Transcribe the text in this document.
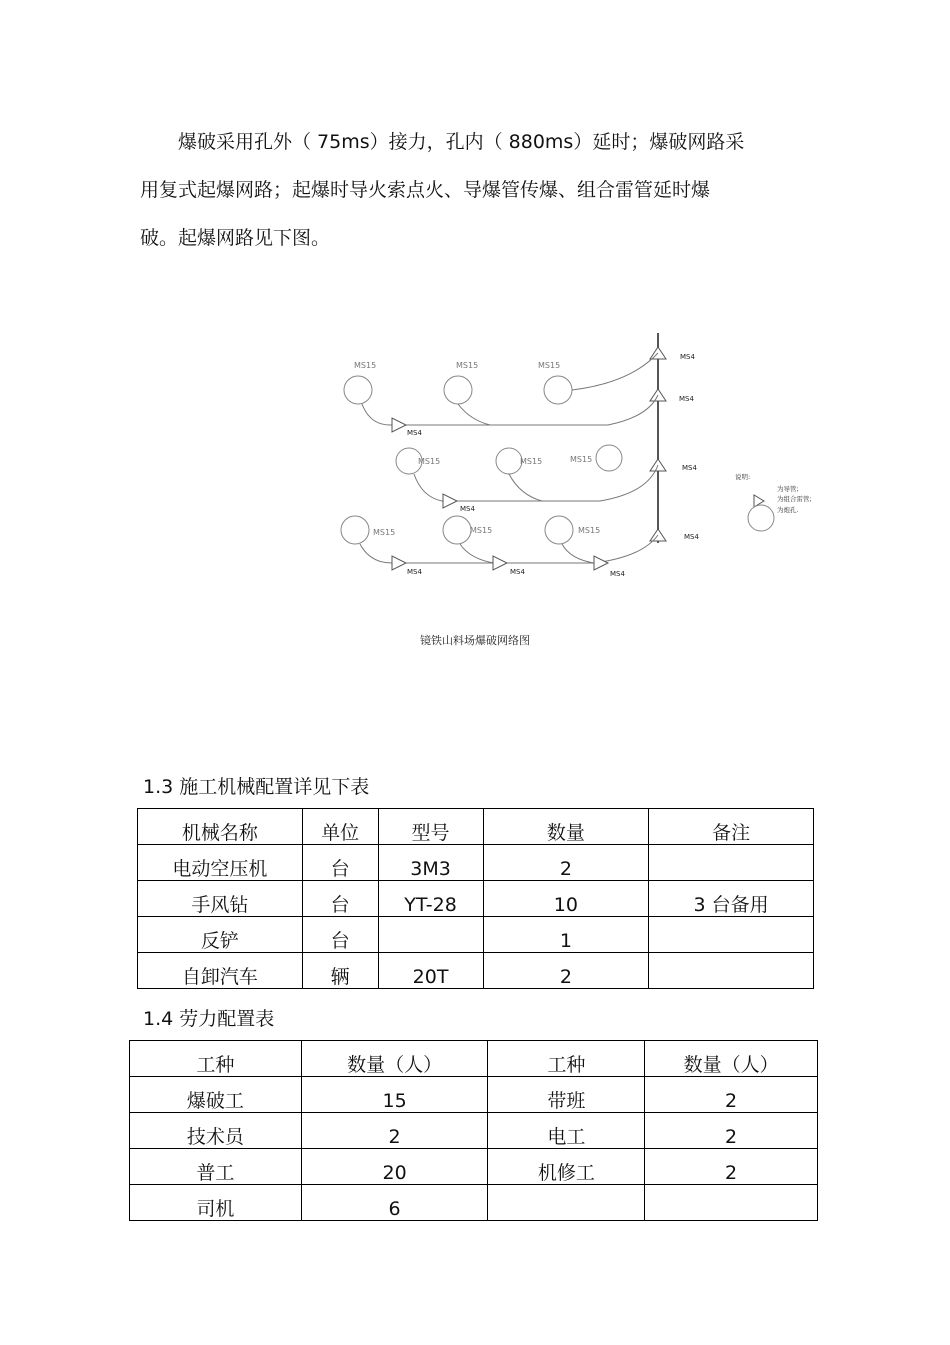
爆破采用孔外（ 75ms）接力，孔内（ 880ms）延时；爆破网路采
用复式起爆网路；起爆时导火索点火、导爆管传爆、组合雷管延时爆
破。起爆网路见下图。
MS4
MS4
MS4
MS4
MS15	MS15	MS15
MS4
MS15	MS15	MS15
MS4
MS15	MS15	MS15
MS4	MS4	MS4
说明:
为导管;
为组合雷管;
为炮孔.
镜铁山料场爆破网络图
1.3 施工机械配置详见下表
机械名称	单位	型号	数量	备注
电动空压机	台	3M3	2	
手风钻	台	YT-28	10	3 台备用
反铲	台		1	
自卸汽车	辆	20T	2	
1.4 劳力配置表
工种	数量（人）	工种	数量（人）
爆破工	15	带班	2
技术员	2	电工	2
普工	20	机修工	2
司机	6		
